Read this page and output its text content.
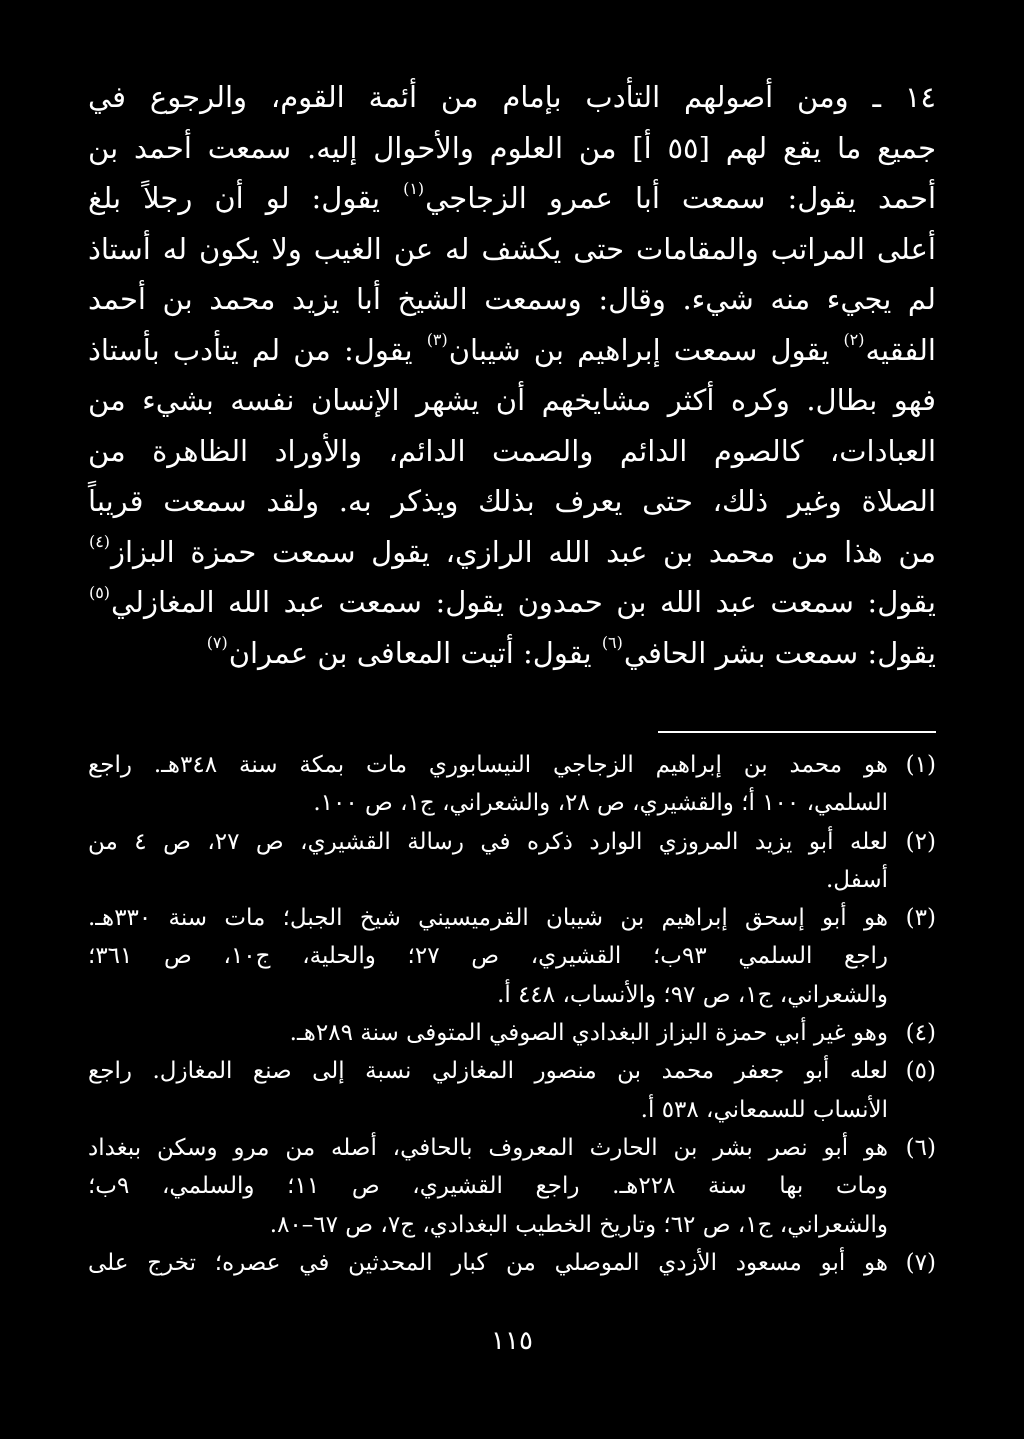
١٤ ـ ومن أصولهم التأدب بإمام من أئمة القوم، والرجوع في
جميع ما يقع لهم [٥٥ أ] من العلوم والأحوال إليه. سمعت أحمد بن
أحمد يقول: سمعت أبا عمرو الزجاجي$^{(١)}$ يقول: لو أن رجلاً بلغ
أعلى المراتب والمقامات حتى يكشف له عن الغيب ولا يكون له أستاذ
لم يجيء منه شيء. وقال: وسمعت الشيخ أبا يزيد محمد بن أحمد
الفقيه$^{(٢)}$ يقول سمعت إبراهيم بن شيبان$^{(٣)}$ يقول: من لم يتأدب بأستاذ
فهو بطال. وكره أكثر مشايخهم أن يشهر الإنسان نفسه بشيء من
العبادات، كالصوم الدائم والصمت الدائم، والأوراد الظاهرة من
الصلاة وغير ذلك، حتى يعرف بذلك ويذكر به. ولقد سمعت قريباً
من هذا من محمد بن عبد الله الرازي، يقول سمعت حمزة البزاز$^{(٤)}$
يقول: سمعت عبد الله بن حمدون يقول: سمعت عبد الله المغازلي$^{(٥)}$
يقول: سمعت بشر الحافي$^{(٦)}$ يقول: أتيت المعافى بن عمران$^{(٧)}$
(١)هو محمد بن إبراهيم الزجاجي النيسابوري مات بمكة سنة ٣٤٨هـ. راجع
السلمي، ١٠٠ أ؛ والقشيري، ص ٢٨، والشعراني، ج١، ص ١٠٠.
(٢)لعله أبو يزيد المروزي الوارد ذكره في رسالة القشيري، ص ٢٧، ص ٤ من
أسفل.
(٣)هو أبو إسحق إبراهيم بن شيبان القرميسيني شيخ الجبل؛ مات سنة ٣٣٠هـ.
راجع السلمي ٩٣ب؛ القشيري، ص ٢٧؛ والحلية، ج١٠، ص ٣٦١؛
والشعراني، ج١، ص ٩٧؛ والأنساب، ٤٤٨ أ.
(٤)وهو غير أبي حمزة البزاز البغدادي الصوفي المتوفى سنة ٢٨٩هـ.
(٥)لعله أبو جعفر محمد بن منصور المغازلي نسبة إلى صنع المغازل. راجع
الأنساب للسمعاني، ٥٣٨ أ.
(٦)هو أبو نصر بشر بن الحارث المعروف بالحافي، أصله من مرو وسكن ببغداد
ومات بها سنة ٢٢٨هـ. راجع القشيري، ص ١١؛ والسلمي، ٩ب؛
والشعراني، ج١، ص ٦٢؛ وتاريخ الخطيب البغدادي، ج٧، ص ٦٧–٨٠.
(٧)هو أبو مسعود الأزدي الموصلي من كبار المحدثين في عصره؛ تخرج على
١١٥
